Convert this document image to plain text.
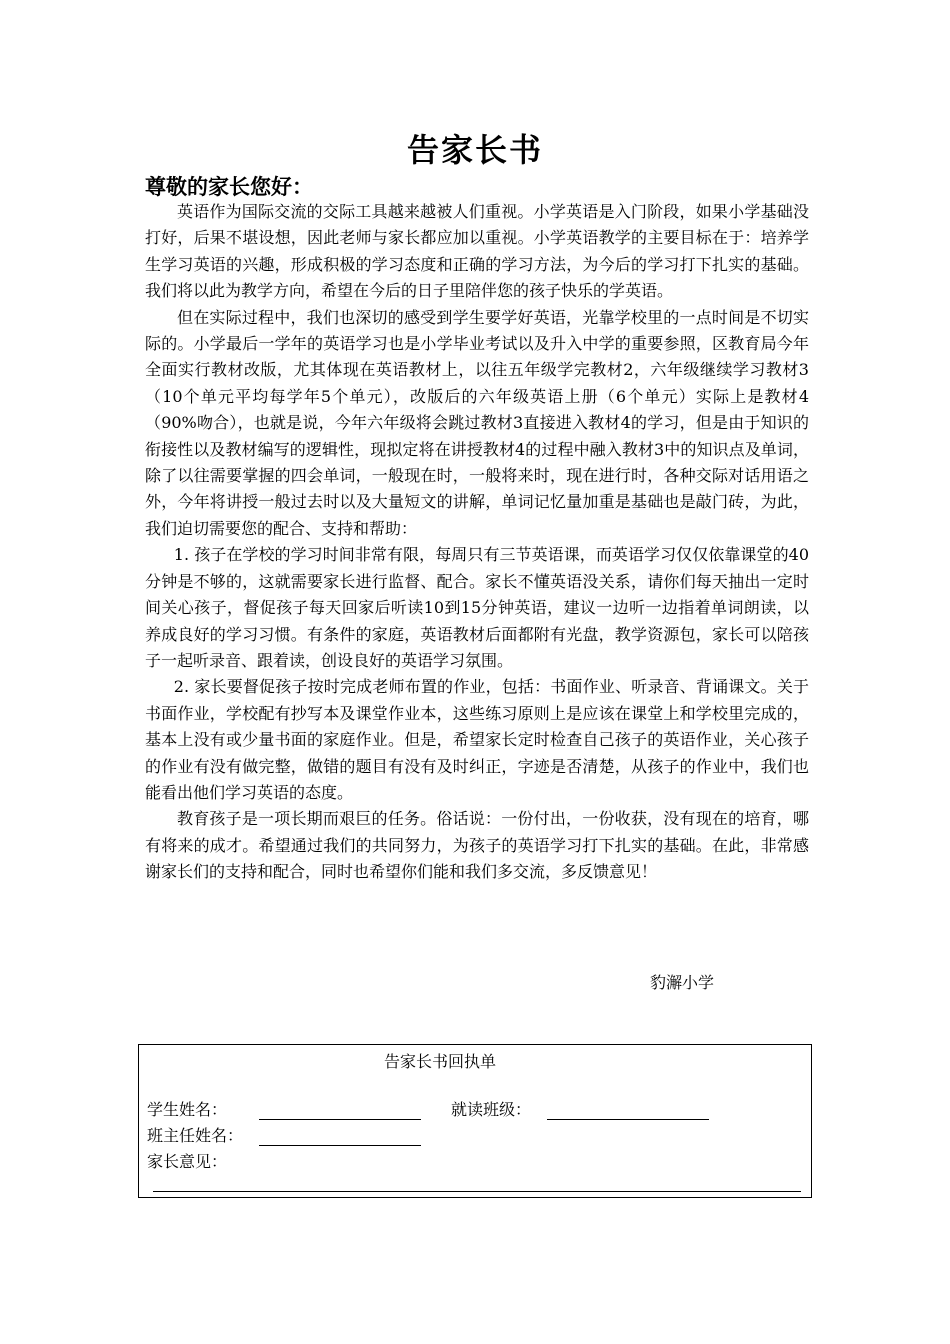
告家长书
尊敬的家长您好：

英语作为国际交流的交际工具越来越被人们重视。小学英语是入门阶段，如果小学基础没打好，后果不堪设想，因此老师与家长都应加以重视。小学英语教学的主要目标在于：培养学生学习英语的兴趣，形成积极的学习态度和正确的学习方法，为今后的学习打下扎实的基础。我们将以此为教学方向，希望在今后的日子里陪伴您的孩子快乐的学英语。

但在实际过程中，我们也深切的感受到学生要学好英语，光靠学校里的一点时间是不切实际的。小学最后一学年的英语学习也是小学毕业考试以及升入中学的重要参照，区教育局今年全面实行教材改版，尤其体现在英语教材上，以往五年级学完教材2，六年级继续学习教材3（10个单元平均每学年5个单元），改版后的六年级英语上册（6个单元）实际上是教材4（90%吻合），也就是说，今年六年级将会跳过教材3直接进入教材4的学习，但是由于知识的衔接性以及教材编写的逻辑性，现拟定将在讲授教材4的过程中融入教材3中的知识点及单词，除了以往需要掌握的四会单词，一般现在时，一般将来时，现在进行时，各种交际对话用语之外，今年将讲授一般过去时以及大量短文的讲解，单词记忆量加重是基础也是敲门砖，为此，我们迫切需要您的配合、支持和帮助：

1. 孩子在学校的学习时间非常有限，每周只有三节英语课，而英语学习仅仅依靠课堂的40分钟是不够的，这就需要家长进行监督、配合。家长不懂英语没关系，请你们每天抽出一定时间关心孩子，督促孩子每天回家后听读10到15分钟英语，建议一边听一边指着单词朗读，以养成良好的学习习惯。有条件的家庭，英语教材后面都附有光盘，教学资源包，家长可以陪孩子一起听录音、跟着读，创设良好的英语学习氛围。

2. 家长要督促孩子按时完成老师布置的作业，包括：书面作业、听录音、背诵课文。关于书面作业，学校配有抄写本及课堂作业本，这些练习原则上是应该在课堂上和学校里完成的，基本上没有或少量书面的家庭作业。但是，希望家长定时检查自己孩子的英语作业，关心孩子的作业有没有做完整，做错的题目有没有及时纠正，字迹是否清楚，从孩子的作业中，我们也能看出他们学习英语的态度。

教育孩子是一项长期而艰巨的任务。俗话说：一份付出，一份收获，没有现在的培育，哪有将来的成才。希望通过我们的共同努力，为孩子的英语学习打下扎实的基础。在此，非常感谢家长们的支持和配合，同时也希望你们能和我们多交流，多反馈意见！

豹澥小学
告家长书回执单
学生姓名：	就读班级：
班主任姓名：
家长意见：
